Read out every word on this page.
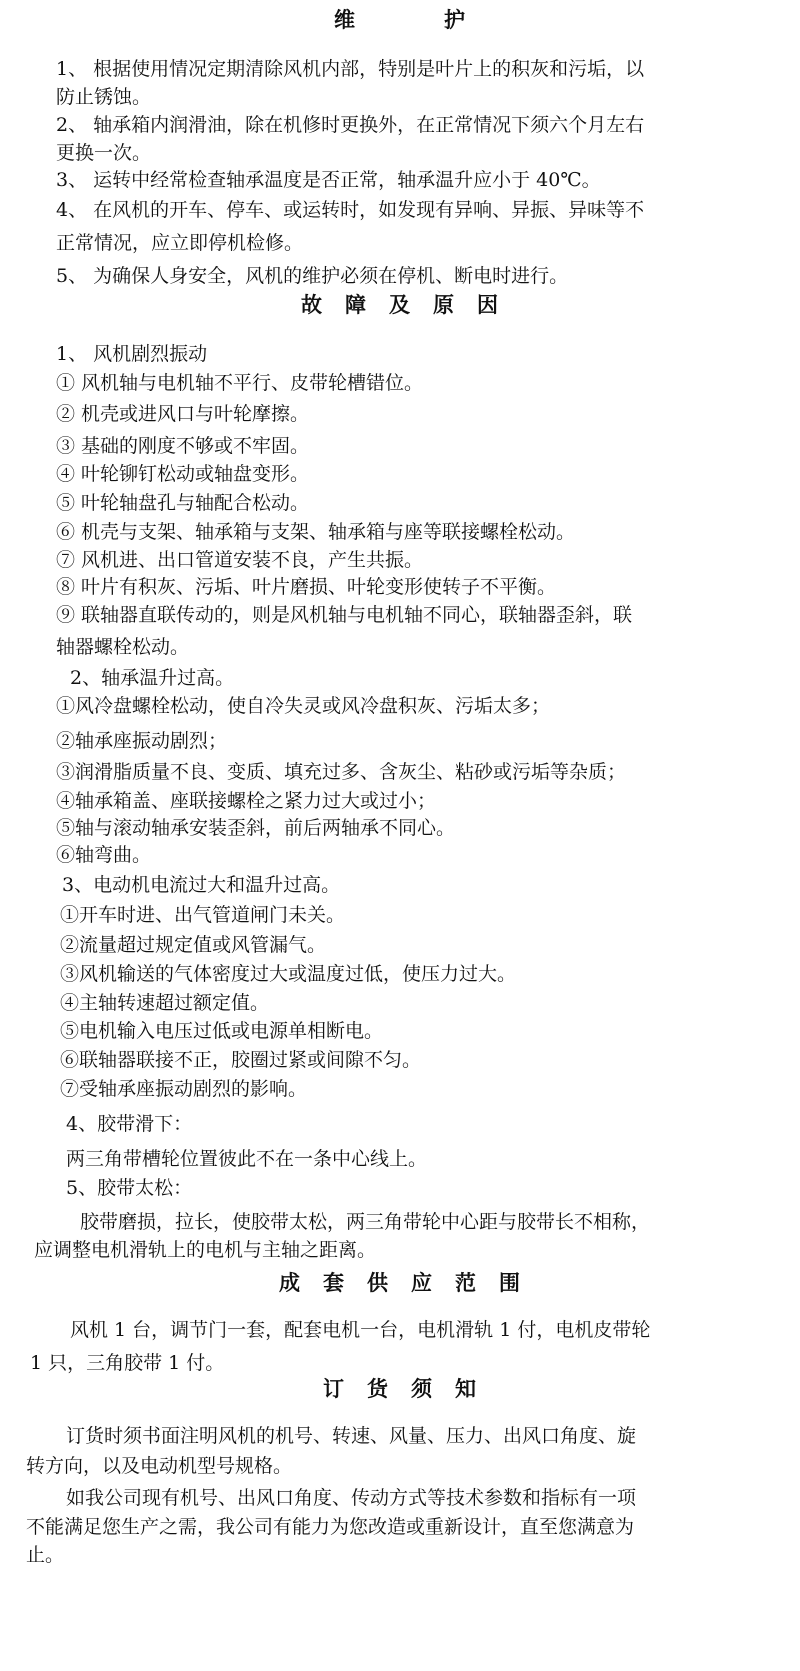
维　　　　护
1、 根据使用情况定期清除风机内部，特别是叶片上的积灰和污垢，以
防止锈蚀。
2、 轴承箱内润滑油，除在机修时更换外，在正常情况下须六个月左右
更换一次。
3、 运转中经常检查轴承温度是否正常，轴承温升应小于 40℃。
4、 在风机的开车、停车、或运转时，如发现有异响、异振、异味等不
正常情况，应立即停机检修。
5、 为确保人身安全，风机的维护必须在停机、断电时进行。
故　障　及　原　因
1、 风机剧烈振动
① 风机轴与电机轴不平行、皮带轮槽错位。
② 机壳或进风口与叶轮摩擦。
③ 基础的刚度不够或不牢固。
④ 叶轮铆钉松动或轴盘变形。
⑤ 叶轮轴盘孔与轴配合松动。
⑥ 机壳与支架、轴承箱与支架、轴承箱与座等联接螺栓松动。
⑦ 风机进、出口管道安装不良，产生共振。
⑧ 叶片有积灰、污垢、叶片磨损、叶轮变形使转子不平衡。
⑨ 联轴器直联传动的，则是风机轴与电机轴不同心，联轴器歪斜，联
轴器螺栓松动。
2、轴承温升过高。
①风冷盘螺栓松动，使自冷失灵或风冷盘积灰、污垢太多；
②轴承座振动剧烈；
③润滑脂质量不良、变质、填充过多、含灰尘、粘砂或污垢等杂质；
④轴承箱盖、座联接螺栓之紧力过大或过小；
⑤轴与滚动轴承安装歪斜，前后两轴承不同心。
⑥轴弯曲。
3、电动机电流过大和温升过高。
①开车时进、出气管道闸门未关。
②流量超过规定值或风管漏气。
③风机输送的气体密度过大或温度过低，使压力过大。
④主轴转速超过额定值。
⑤电机输入电压过低或电源单相断电。
⑥联轴器联接不正，胶圈过紧或间隙不匀。
⑦受轴承座振动剧烈的影响。
4、胶带滑下：
两三角带槽轮位置彼此不在一条中心线上。
5、胶带太松：
胶带磨损，拉长，使胶带太松，两三角带轮中心距与胶带长不相称，
应调整电机滑轨上的电机与主轴之距离。
成　套　供　应　范　围
风机 1 台，调节门一套，配套电机一台，电机滑轨 1 付，电机皮带轮
1 只，三角胶带 1 付。
订　货　须　知
订货时须书面注明风机的机号、转速、风量、压力、出风口角度、旋
转方向，以及电动机型号规格。
如我公司现有机号、出风口角度、传动方式等技术参数和指标有一项
不能满足您生产之需，我公司有能力为您改造或重新设计，直至您满意为
止。
